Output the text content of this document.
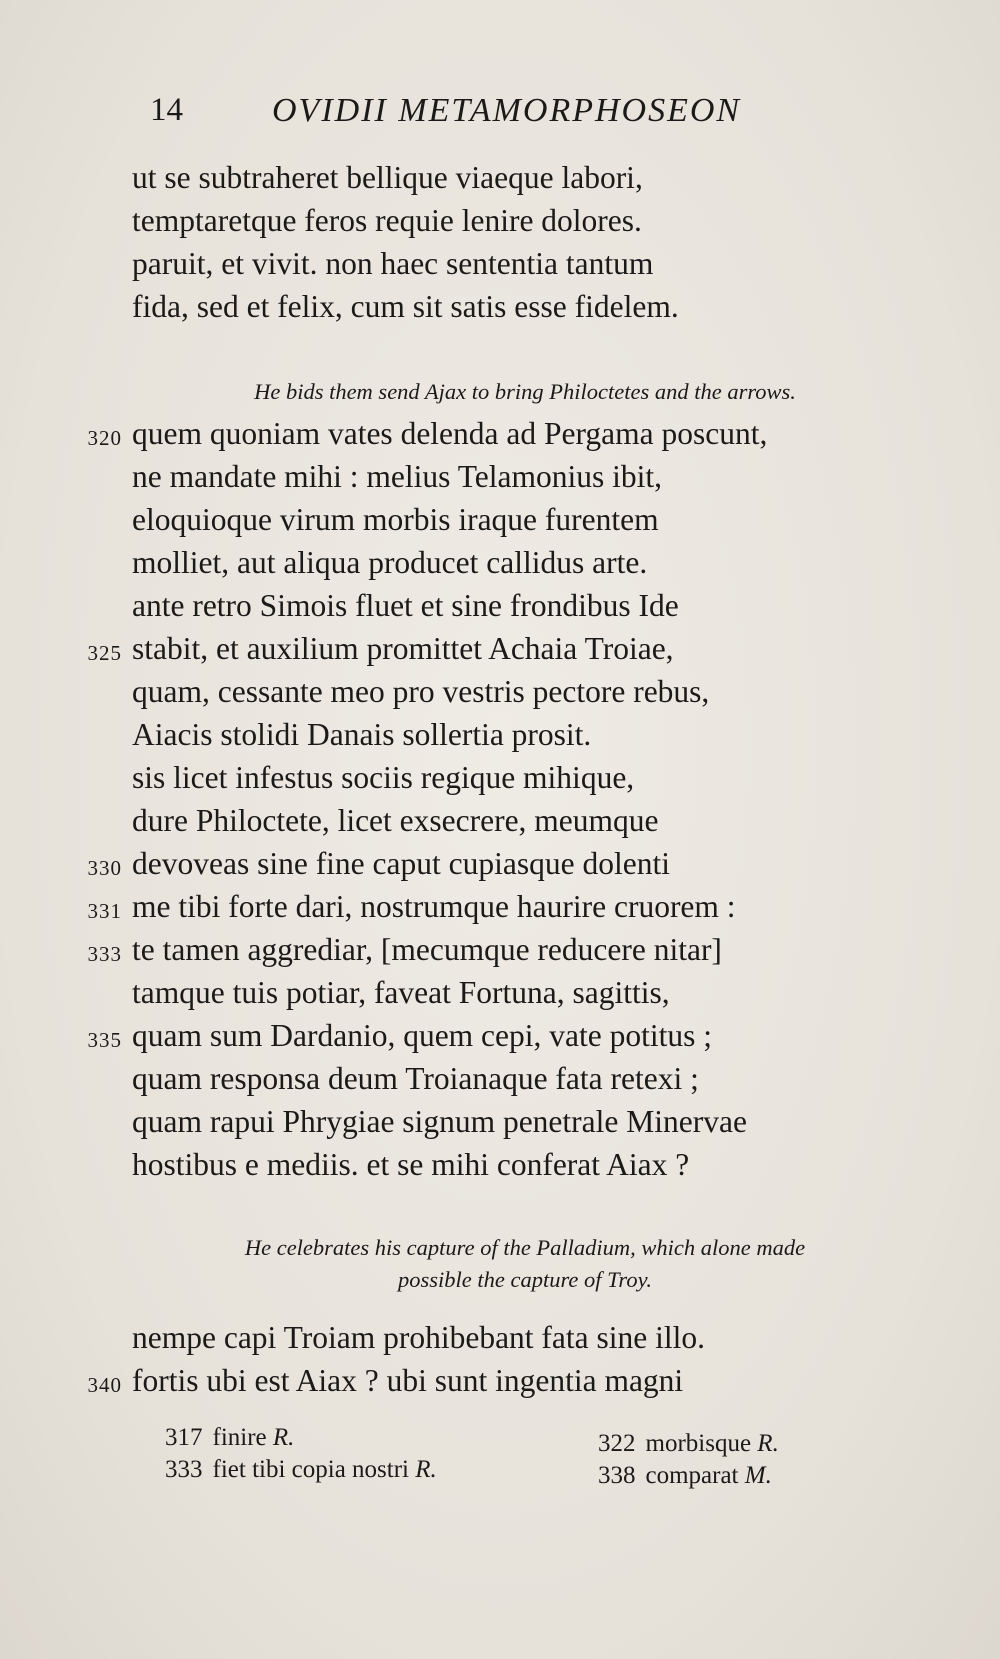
14	OVIDII METAMORPHOSEON
ut se subtraheret bellique viaeque labori,
temptaretque feros requie lenire dolores.
paruit, et vivit. non haec sententia tantum
fida, sed et felix, cum sit satis esse fidelem.
He bids them send Ajax to bring Philoctetes and the arrows.
320 quem quoniam vates delenda ad Pergama poscunt,
ne mandate mihi : melius Telamonius ibit,
eloquioque virum morbis iraque furentem
molliet, aut aliqua producet callidus arte.
ante retro Simois fluet et sine frondibus Ide
325 stabit, et auxilium promittet Achaia Troiae,
quam, cessante meo pro vestris pectore rebus,
Aiacis stolidi Danais sollertia prosit.
sis licet infestus sociis regique mihique,
dure Philoctete, licet exsecrere, meumque
330 devoveas sine fine caput cupiasque dolenti
331 me tibi forte dari, nostrumque haurire cruorem :
333 te tamen aggrediar, [mecumque reducere nitar]
tamque tuis potiar, faveat Fortuna, sagittis,
335 quam sum Dardanio, quem cepi, vate potitus ;
quam responsa deum Troianaque fata retexi ;
quam rapui Phrygiae signum penetrale Minervae
hostibus e mediis. et se mihi conferat Aiax ?
He celebrates his capture of the Palladium, which alone made
possible the capture of Troy.
nempe capi Troiam prohibebant fata sine illo.
340 fortis ubi est Aiax ? ubi sunt ingentia magni
317 finire R.	322 morbisque R.
333 fiet tibi copia nostri R.	338 comparat M.
